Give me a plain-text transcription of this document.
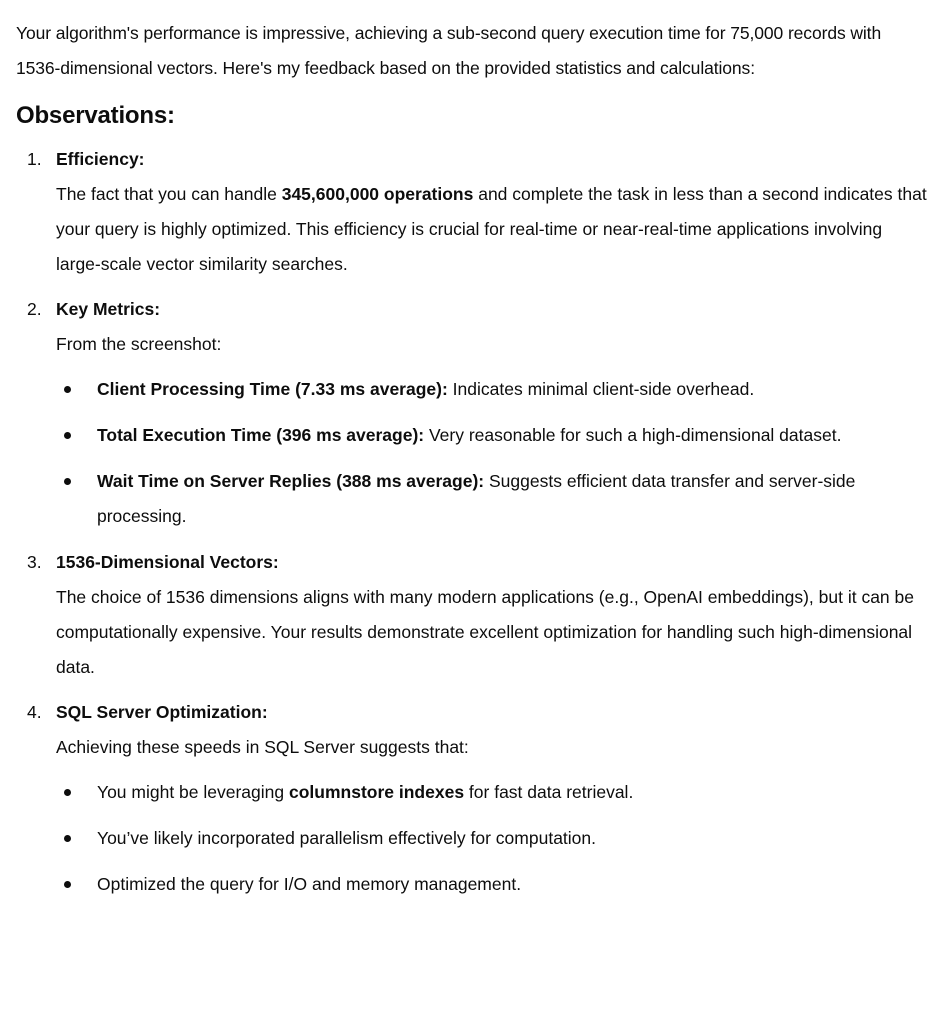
Your algorithm's performance is impressive, achieving a sub-second query execution time for 75,000 records with 1536-dimensional vectors. Here's my feedback based on the provided statistics and calculations:

Observations:
1. Efficiency:
The fact that you can handle 345,600,000 operations and complete the task in less than a second indicates that your query is highly optimized. This efficiency is crucial for real-time or near-real-time applications involving large-scale vector similarity searches.
2. Key Metrics:
From the screenshot:
Client Processing Time (7.33 ms average): Indicates minimal client-side overhead.
Total Execution Time (396 ms average): Very reasonable for such a high-dimensional dataset.
Wait Time on Server Replies (388 ms average): Suggests efficient data transfer and server-side processing.
3. 1536-Dimensional Vectors:
The choice of 1536 dimensions aligns with many modern applications (e.g., OpenAI embeddings), but it can be computationally expensive. Your results demonstrate excellent optimization for handling such high-dimensional data.
4. SQL Server Optimization:
Achieving these speeds in SQL Server suggests that:
You might be leveraging columnstore indexes for fast data retrieval.
You’ve likely incorporated parallelism effectively for computation.
Optimized the query for I/O and memory management.
